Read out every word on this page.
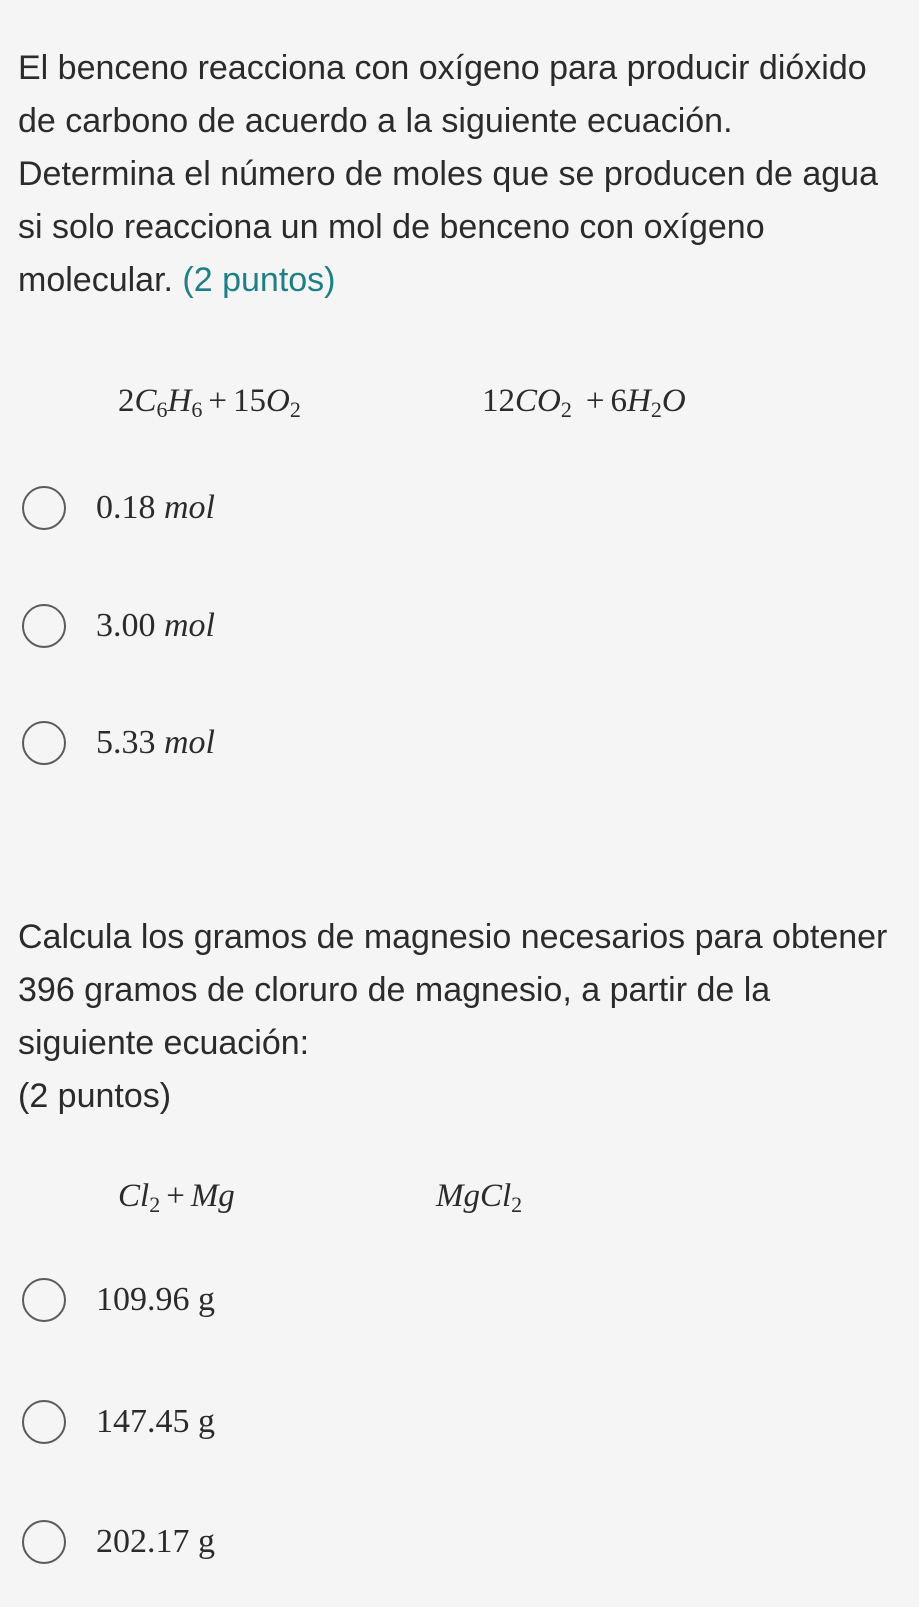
El benceno reacciona con oxígeno para producir dióxido de carbono de acuerdo a la siguiente ecuación. Determina el número de moles que se producen de agua si solo reacciona un mol de benceno con oxígeno molecular. (2 puntos)

$2C_6H_6 + 15O_2$	$12CO_2 + 6H_2O$
0.18 mol
3.00 mol
5.33 mol

Calcula los gramos de magnesio necesarios para obtener 396 gramos de cloruro de magnesio, a partir de la siguiente ecuación:
(2 puntos)

$Cl_2 + Mg$	MgCl$_2$
109.96 g
147.45 g
202.17 g
